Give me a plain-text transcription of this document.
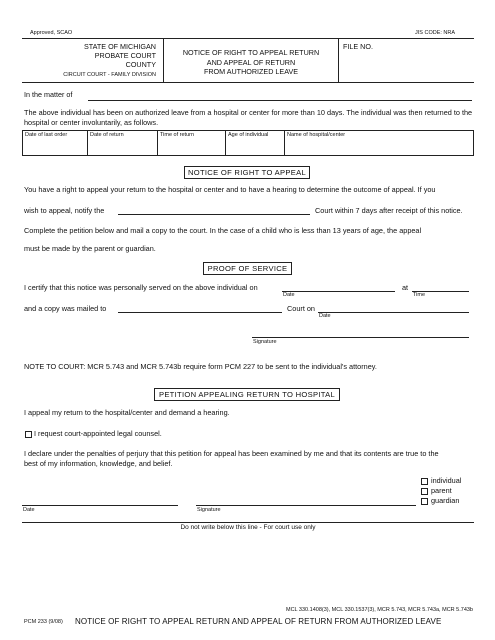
Approved, SCAO	JIS CODE: NRA
STATE OF MICHIGAN
PROBATE COURT
COUNTY
CIRCUIT COURT - FAMILY DIVISION
NOTICE OF RIGHT TO APPEAL RETURN
AND APPEAL OF RETURN
FROM AUTHORIZED LEAVE
FILE NO.
In the matter of
The above individual has been on authorized leave from a hospital or center for more than 10 days. The individual was then returned to the hospital or center involuntarily, as follows.
Date of last order	Date of return	Time of return	Age of individual	Name of hospital/center
NOTICE OF RIGHT TO APPEAL
You have a right to appeal your return to the hospital or center and to have a hearing to determine the outcome of appeal. If you
wish to appeal, notify the	Court within 7 days after receipt of this notice.
Complete the petition below and mail a copy to the court. In the case of a child who is less than 13 years of age, the appeal
must be made by the parent or guardian.
PROOF OF SERVICE
I certify that this notice was personally served on the above individual on
Date
at
Time
and a copy was mailed to	Court on
Date
Signature
NOTE TO COURT: MCR 5.743 and MCR 5.743b require form PCM 227 to be sent to the individual's attorney.
PETITION APPEALING RETURN TO HOSPITAL
I appeal my return to the hospital/center and demand a hearing.
I request court-appointed legal counsel.
I declare under the penalties of perjury that this petition for appeal has been examined by me and that its contents are true to the
best of my information, knowledge, and belief.
individual
parent
guardian
Date	Signature
Do not write below this line - For court use only
MCL 330.1408(3), MCL 330.1537(3), MCR 5.743, MCR 5.743a, MCR 5.743b
PCM 233 (9/08) NOTICE OF RIGHT TO APPEAL RETURN AND APPEAL OF RETURN FROM AUTHORIZED LEAVE
